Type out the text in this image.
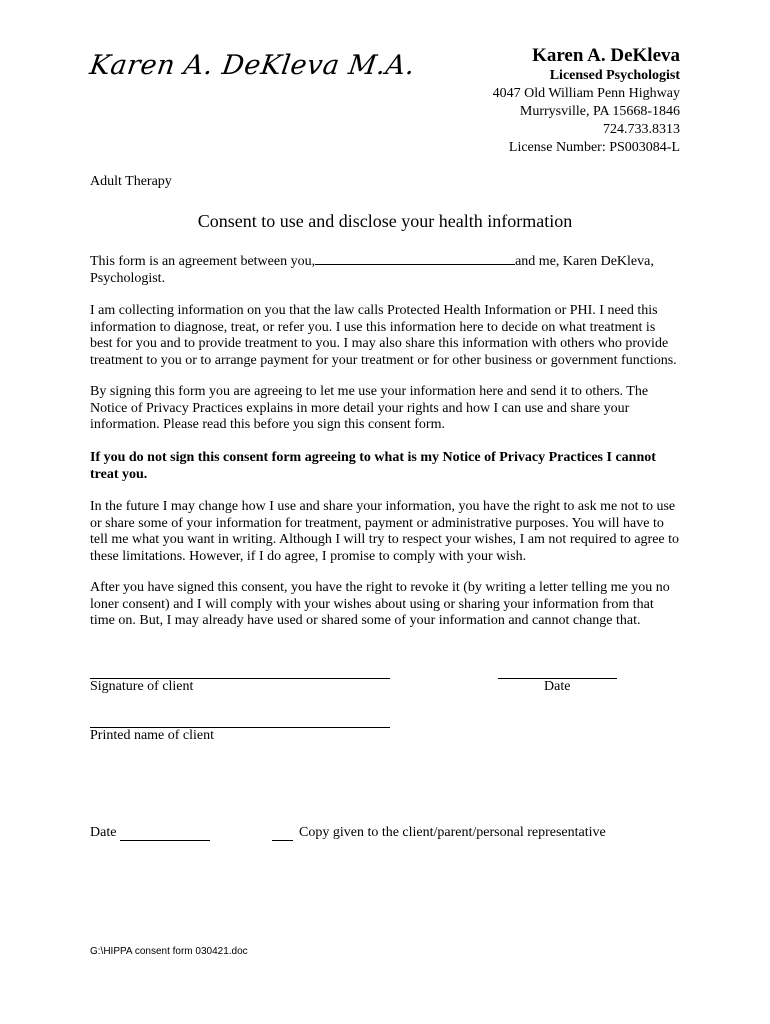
Karen A. DeKleva M.A.	Karen A. DeKleva
Licensed Psychologist
4047 Old William Penn Highway
Murrysville, PA 15668-1846
724.733.8313
License Number: PS003084-L
Adult Therapy
Consent to use and disclose your health information
This form is an agreement between you,	and me, Karen DeKleva, Psychologist.
I am collecting information on you that the law calls Protected Health Information or PHI. I need this information to diagnose, treat, or refer you. I use this information here to decide on what treatment is best for you and to provide treatment to you. I may also share this information with others who provide treatment to you or to arrange payment for your treatment or for other business or government functions.
By signing this form you are agreeing to let me use your information here and send it to others. The Notice of Privacy Practices explains in more detail your rights and how I can use and share your information. Please read this before you sign this consent form.
If you do not sign this consent form agreeing to what is my Notice of Privacy Practices I cannot treat you.
In the future I may change how I use and share your information, you have the right to ask me not to use or share some of your information for treatment, payment or administrative purposes. You will have to tell me what you want in writing. Although I will try to respect your wishes, I am not required to agree to these limitations. However, if I do agree, I promise to comply with your wish.
After you have signed this consent, you have the right to revoke it (by writing a letter telling me you no loner consent) and I will comply with your wishes about using or sharing your information from that time on. But, I may already have used or shared some of your information and cannot change that.
Signature of client	Date
Printed name of client
Date	Copy given to the client/parent/personal representative
G:\HIPPA consent form 030421.doc
